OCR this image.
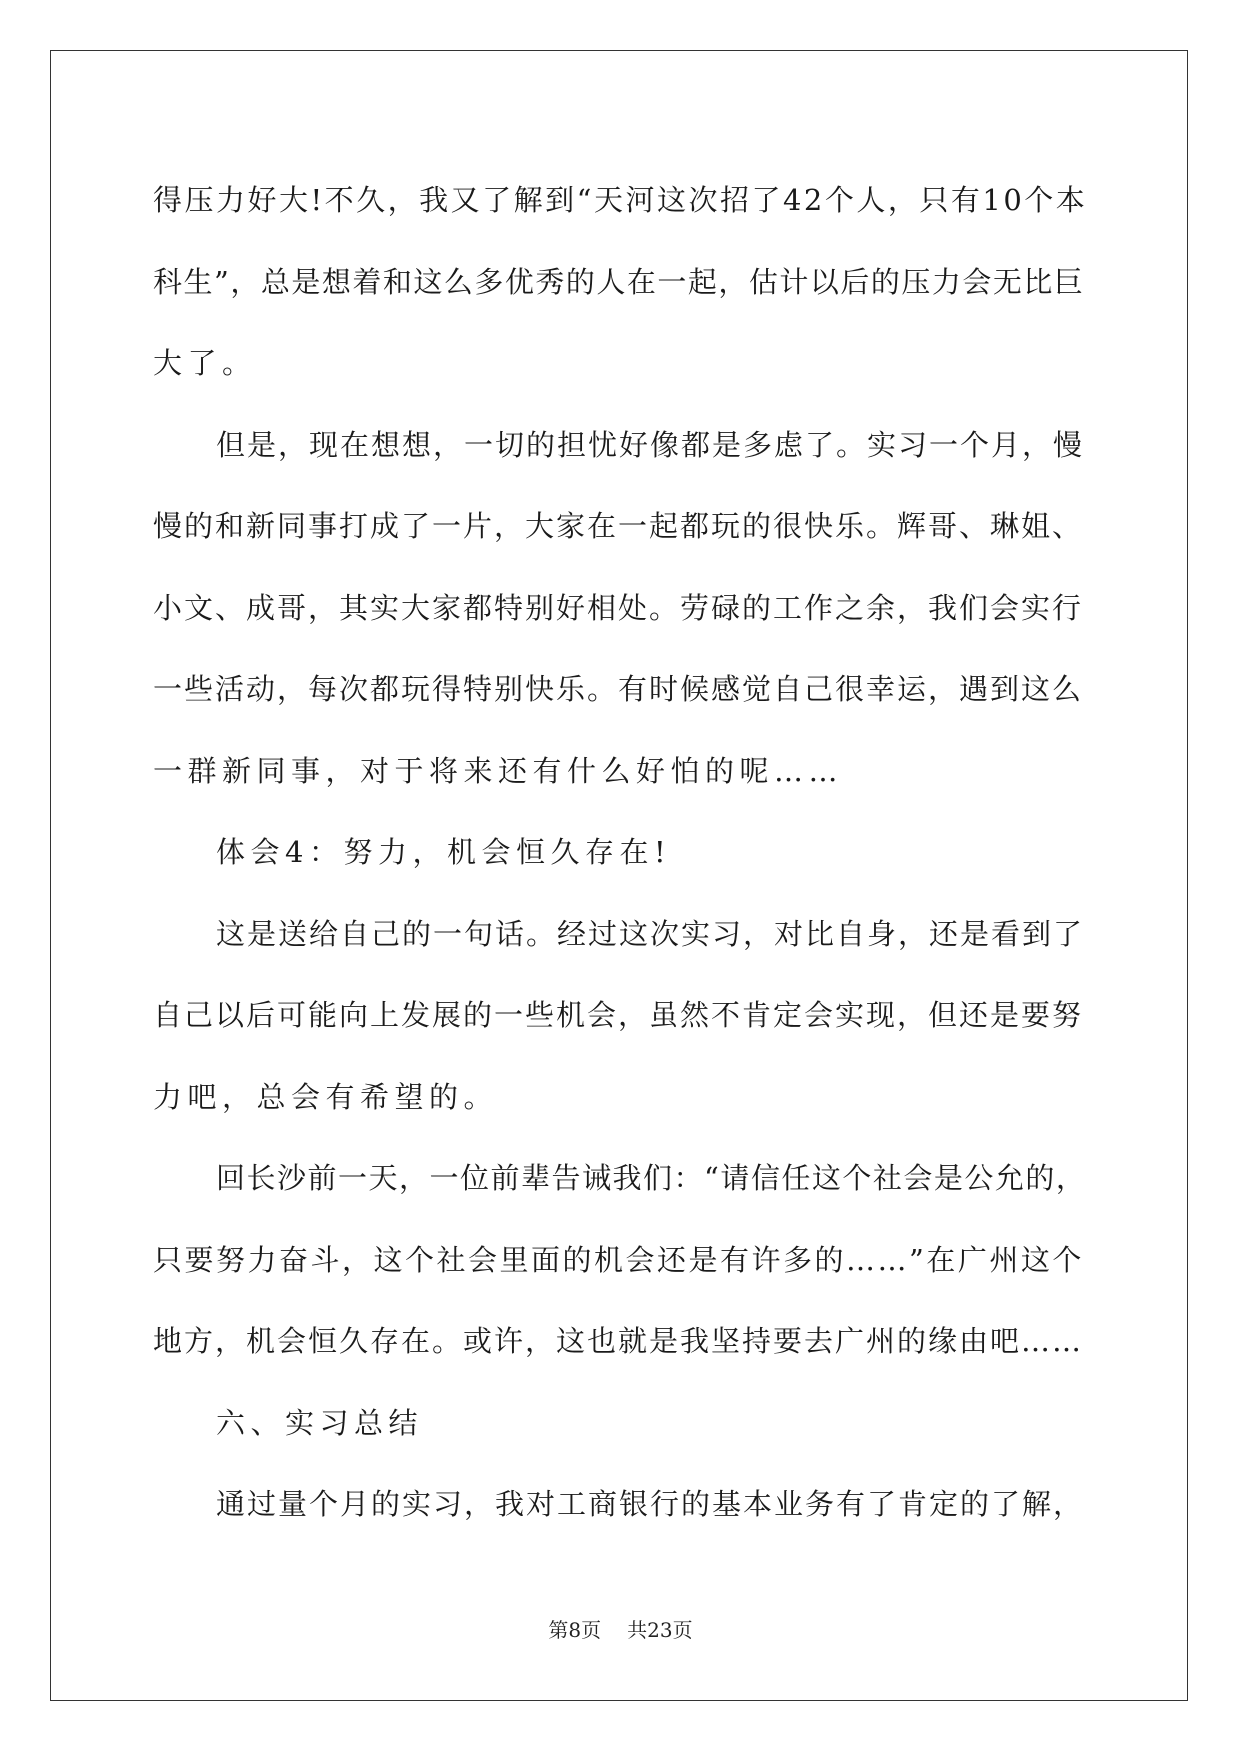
得压力好大!不久，我又了解到“天河这次招了42个人，只有10个本
科生”，总是想着和这么多优秀的人在一起，估计以后的压力会无比巨
大了。
但是，现在想想，一切的担忧好像都是多虑了。实习一个月，慢
慢的和新同事打成了一片，大家在一起都玩的很快乐。辉哥、琳姐、
小文、成哥，其实大家都特别好相处。劳碌的工作之余，我们会实行
一些活动，每次都玩得特别快乐。有时候感觉自己很幸运，遇到这么
一群新同事，对于将来还有什么好怕的呢……
体会4：努力，机会恒久存在!
这是送给自己的一句话。经过这次实习，对比自身，还是看到了
自己以后可能向上发展的一些机会，虽然不肯定会实现，但还是要努
力吧，总会有希望的。
回长沙前一天，一位前辈告诫我们：“请信任这个社会是公允的，
只要努力奋斗，这个社会里面的机会还是有许多的……”在广州这个
地方，机会恒久存在。或许，这也就是我坚持要去广州的缘由吧……
六、实习总结
通过量个月的实习，我对工商银行的基本业务有了肯定的了解，
第8页 共23页
